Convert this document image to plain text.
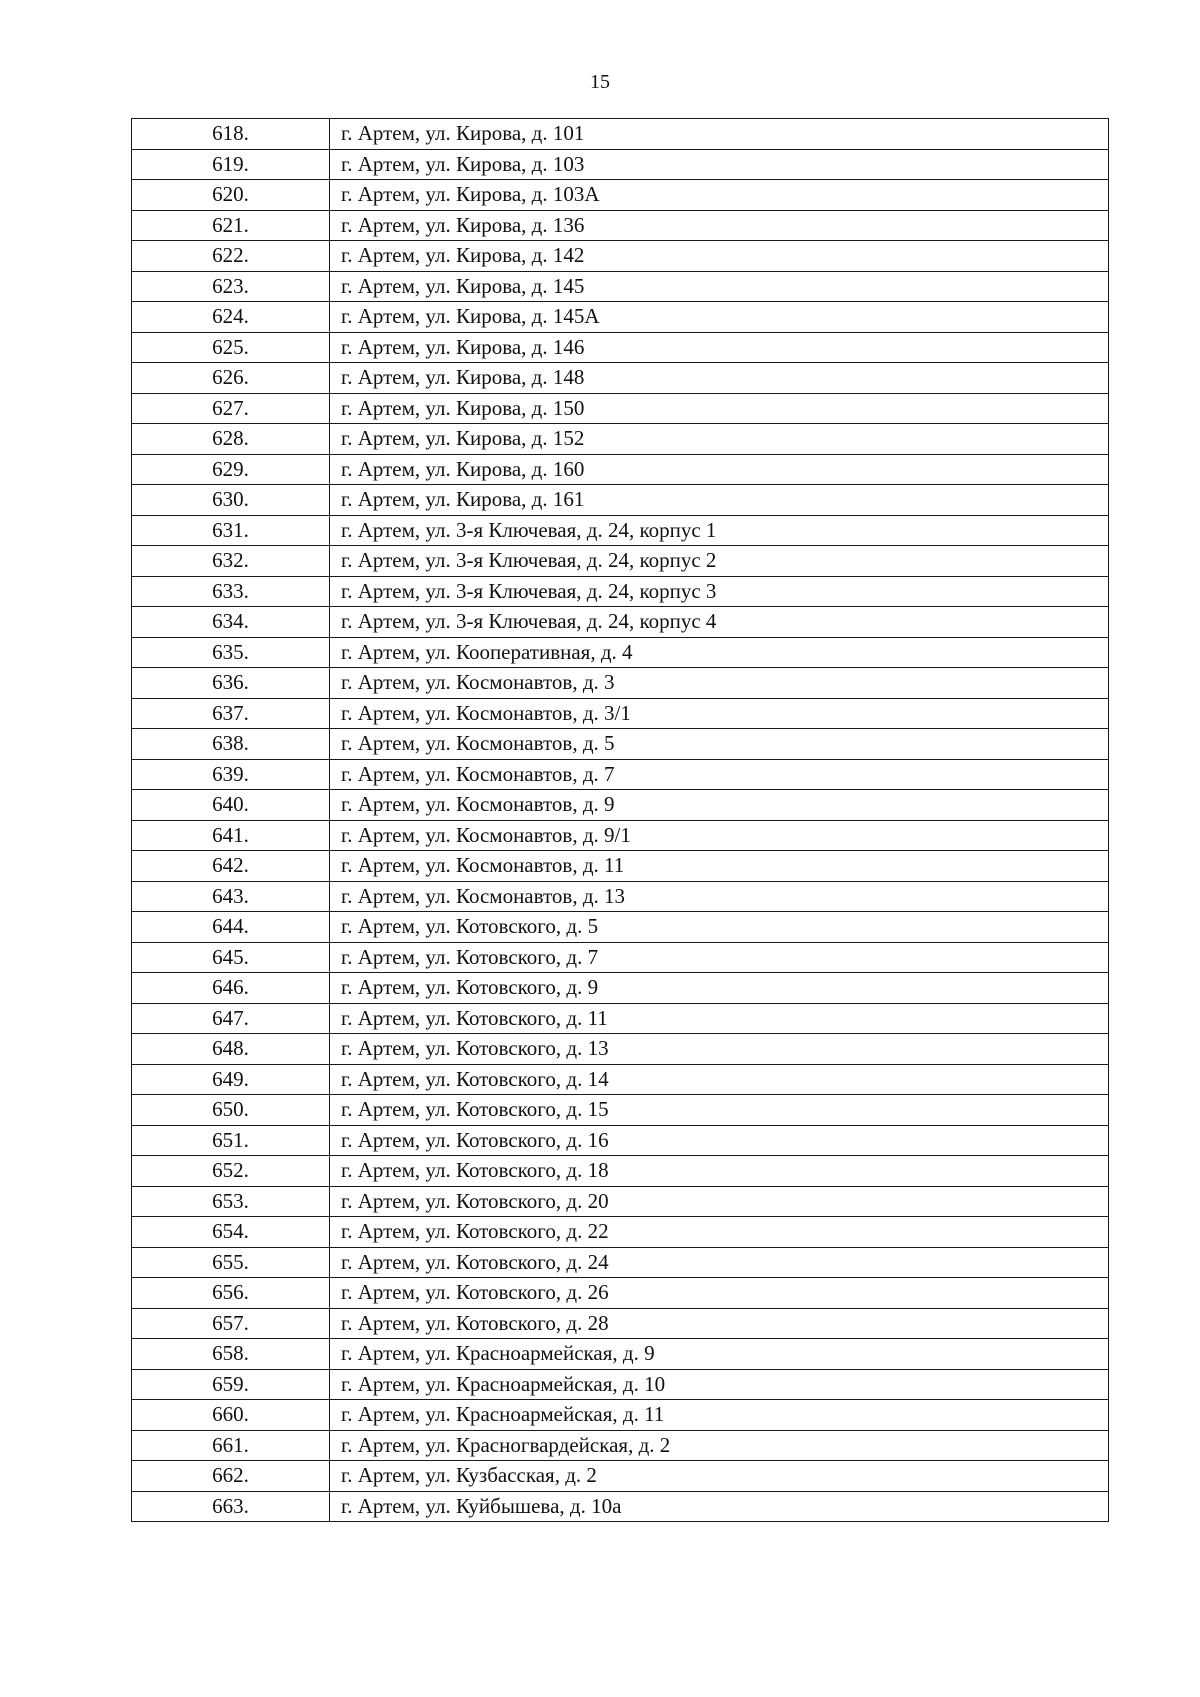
15
618.	г. Артем, ул. Кирова, д. 101
619.	г. Артем, ул. Кирова, д. 103
620.	г. Артем, ул. Кирова, д. 103А
621.	г. Артем, ул. Кирова, д. 136
622.	г. Артем, ул. Кирова, д. 142
623.	г. Артем, ул. Кирова, д. 145
624.	г. Артем, ул. Кирова, д. 145А
625.	г. Артем, ул. Кирова, д. 146
626.	г. Артем, ул. Кирова, д. 148
627.	г. Артем, ул. Кирова, д. 150
628.	г. Артем, ул. Кирова, д. 152
629.	г. Артем, ул. Кирова, д. 160
630.	г. Артем, ул. Кирова, д. 161
631.	г. Артем, ул. 3-я Ключевая, д. 24, корпус 1
632.	г. Артем, ул. 3-я Ключевая, д. 24, корпус 2
633.	г. Артем, ул. 3-я Ключевая, д. 24, корпус 3
634.	г. Артем, ул. 3-я Ключевая, д. 24, корпус 4
635.	г. Артем, ул. Кооперативная, д. 4
636.	г. Артем, ул. Космонавтов, д. 3
637.	г. Артем, ул. Космонавтов, д. 3/1
638.	г. Артем, ул. Космонавтов, д. 5
639.	г. Артем, ул. Космонавтов, д. 7
640.	г. Артем, ул. Космонавтов, д. 9
641.	г. Артем, ул. Космонавтов, д. 9/1
642.	г. Артем, ул. Космонавтов, д. 11
643.	г. Артем, ул. Космонавтов, д. 13
644.	г. Артем, ул. Котовского, д. 5
645.	г. Артем, ул. Котовского, д. 7
646.	г. Артем, ул. Котовского, д. 9
647.	г. Артем, ул. Котовского, д. 11
648.	г. Артем, ул. Котовского, д. 13
649.	г. Артем, ул. Котовского, д. 14
650.	г. Артем, ул. Котовского, д. 15
651.	г. Артем, ул. Котовского, д. 16
652.	г. Артем, ул. Котовского, д. 18
653.	г. Артем, ул. Котовского, д. 20
654.	г. Артем, ул. Котовского, д. 22
655.	г. Артем, ул. Котовского, д. 24
656.	г. Артем, ул. Котовского, д. 26
657.	г. Артем, ул. Котовского, д. 28
658.	г. Артем, ул. Красноармейская, д. 9
659.	г. Артем, ул. Красноармейская, д. 10
660.	г. Артем, ул. Красноармейская, д. 11
661.	г. Артем, ул. Красногвардейская, д. 2
662.	г. Артем, ул. Кузбасская, д. 2
663.	г. Артем, ул. Куйбышева, д. 10а
